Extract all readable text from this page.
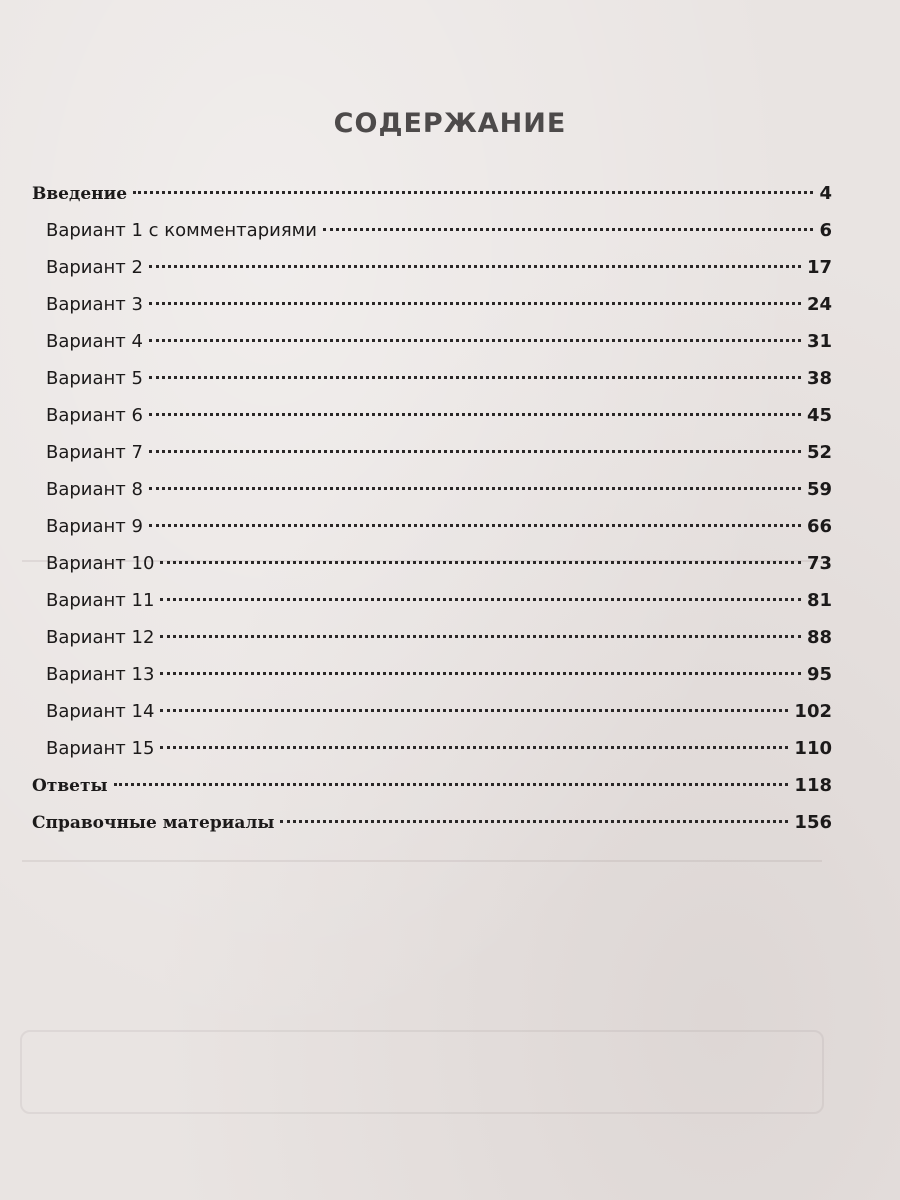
СОДЕРЖАНИЕ
Введение	4
Вариант 1 с комментариями	6
Вариант 2	17
Вариант 3	24
Вариант 4	31
Вариант 5	38
Вариант 6	45
Вариант 7	52
Вариант 8	59
Вариант 9	66
Вариант 10	73
Вариант 11	81
Вариант 12	88
Вариант 13	95
Вариант 14	102
Вариант 15	110
Ответы	118
Справочные материалы	156
